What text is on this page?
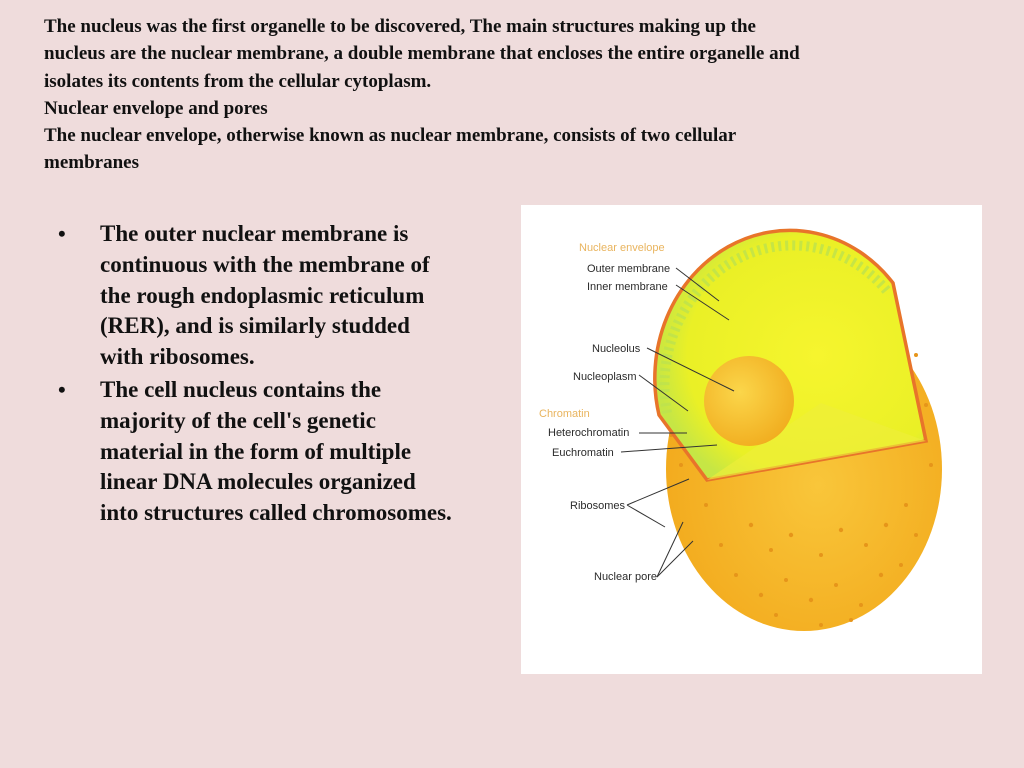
The nucleus was the first organelle to be discovered, The main structures making up the
nucleus are the nuclear membrane, a double membrane that encloses the entire organelle and
isolates its contents from the cellular cytoplasm.
Nuclear envelope and pores
The nuclear envelope, otherwise known as nuclear membrane, consists of two cellular
membranes
• The outer nuclear membrane is
continuous with the membrane of
the rough endoplasmic reticulum
(RER), and is similarly studded
with ribosomes.
• The cell nucleus contains the
majority of the cell's genetic
material in the form of multiple
linear DNA molecules organized
into structures called chromosomes.
Nuclear envelope
Outer membrane
Inner membrane
Nucleolus
Nucleoplasm
Chromatin
Heterochromatin
Euchromatin
Ribosomes
Nuclear pore
